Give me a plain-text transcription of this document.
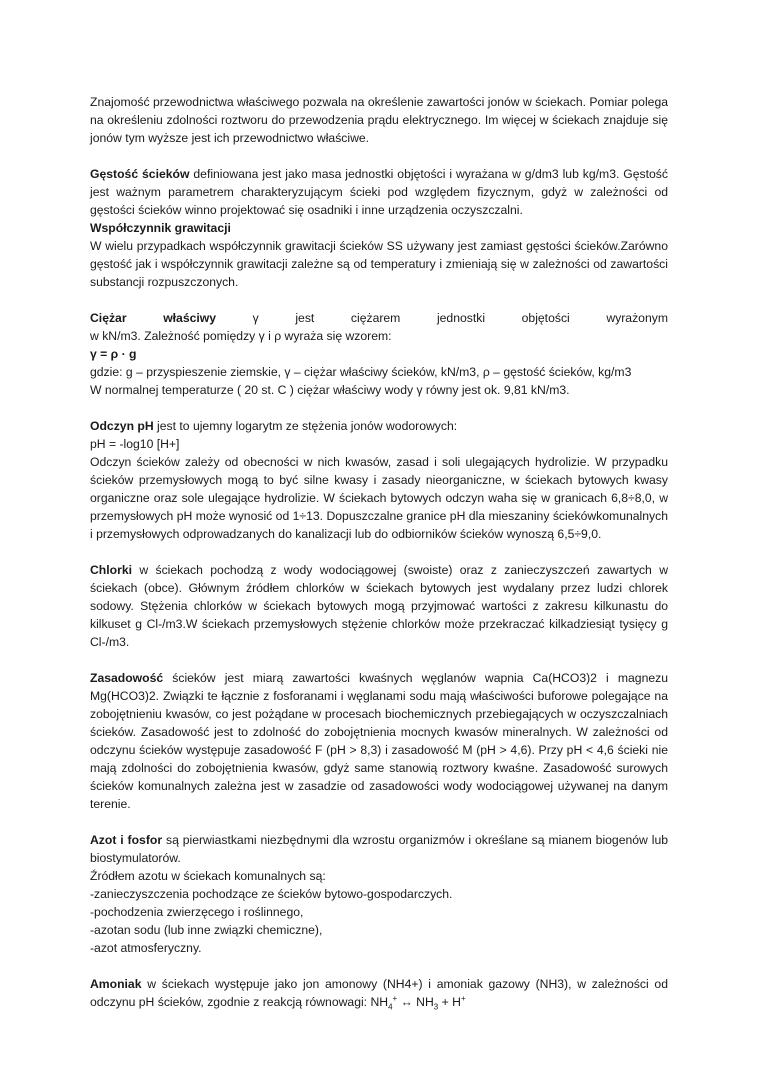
Znajomość przewodnictwa właściwego pozwala na określenie zawartości jonów w ściekach. Pomiar polega na określeniu zdolności roztworu do przewodzenia prądu elektrycznego. Im więcej w ściekach znajduje się jonów tym wyższe jest ich przewodnictwo właściwe.

Gęstość ścieków definiowana jest jako masa jednostki objętości i wyrażana w g/dm3 lub kg/m3. Gęstość jest ważnym parametrem charakteryzującym ścieki pod względem fizycznym, gdyż w zależności od gęstości ścieków winno projektować się osadniki i inne urządzenia oczyszczalni.

Współczynnik grawitacji

W wielu przypadkach współczynnik grawitacji ścieków SS używany jest zamiast gęstości ścieków.Zarówno gęstość jak i współczynnik grawitacji zależne są od temperatury i zmieniają się w zależności od zawartości substancji rozpuszczonych.

Ciężar	właściwy	γ	jest	ciężarem	jednostki	objętości	wyrażonym

w kN/m3. Zależność pomiędzy γ i ρ wyraża się wzorem:

γ = ρ · g

gdzie: g – przyspieszenie ziemskie, γ – ciężar właściwy ścieków, kN/m3, ρ – gęstość ścieków, kg/m3

W normalnej temperaturze ( 20 st. C ) ciężar właściwy wody γ równy jest ok. 9,81 kN/m3.

Odczyn pH jest to ujemny logarytm ze stężenia jonów wodorowych:

pH = -log10 [H+]

Odczyn ścieków zależy od obecności w nich kwasów, zasad i soli ulegających hydrolizie. W przypadku ścieków przemysłowych mogą to być silne kwasy i zasady nieorganiczne, w ściekach bytowych kwasy organiczne oraz sole ulegające hydrolizie. W ściekach bytowych odczyn waha się w granicach 6,8÷8,0, w przemysłowych pH może wynosić od 1÷13. Dopuszczalne granice pH dla mieszaniny ściekówkomunalnych i przemysłowych odprowadzanych do kanalizacji lub do odbiorników ścieków wynoszą 6,5÷9,0.

Chlorki w ściekach pochodzą z wody wodociągowej (swoiste) oraz z zanieczyszczeń zawartych w ściekach (obce). Głównym źródłem chlorków w ściekach bytowych jest wydalany przez ludzi chlorek sodowy. Stężenia chlorków w ściekach bytowych mogą przyjmować wartości z zakresu kilkunastu do kilkuset g Cl-/m3.W ściekach przemysłowych stężenie chlorków może przekraczać kilkadziesiąt tysięcy g Cl-/m3.

Zasadowość ścieków jest miarą zawartości kwaśnych węglanów wapnia Ca(HCO3)2 i magnezu Mg(HCO3)2. Związki te łącznie z fosforanami i węglanami sodu mają właściwości buforowe polegające na zobojętnieniu kwasów, co jest pożądane w procesach biochemicznych przebiegających w oczyszczalniach ścieków. Zasadowość jest to zdolność do zobojętnienia mocnych kwasów mineralnych. W zależności od odczynu ścieków występuje zasadowość F (pH > 8,3) i zasadowość M (pH > 4,6). Przy pH < 4,6 ścieki nie mają zdolności do zobojętnienia kwasów, gdyż same stanowią roztwory kwaśne. Zasadowość surowych ścieków komunalnych zależna jest w zasadzie od zasadowości wody wodociągowej używanej na danym terenie.

Azot i fosfor są pierwiastkami niezbędnymi dla wzrostu organizmów i określane są mianem biogenów lub biostymulatorów.

Źródłem azotu w ściekach komunalnych są:

-zanieczyszczenia pochodzące ze ścieków bytowo-gospodarczych.

-pochodzenia zwierzęcego i roślinnego,

-azotan sodu (lub inne związki chemiczne),

-azot atmosferyczny.

Amoniak w ściekach występuje jako jon amonowy (NH4+) i amoniak gazowy (NH3), w zależności od odczynu pH ścieków, zgodnie z reakcją równowagi: $NH_4^+$ ↔ $NH_3 + H^+$
